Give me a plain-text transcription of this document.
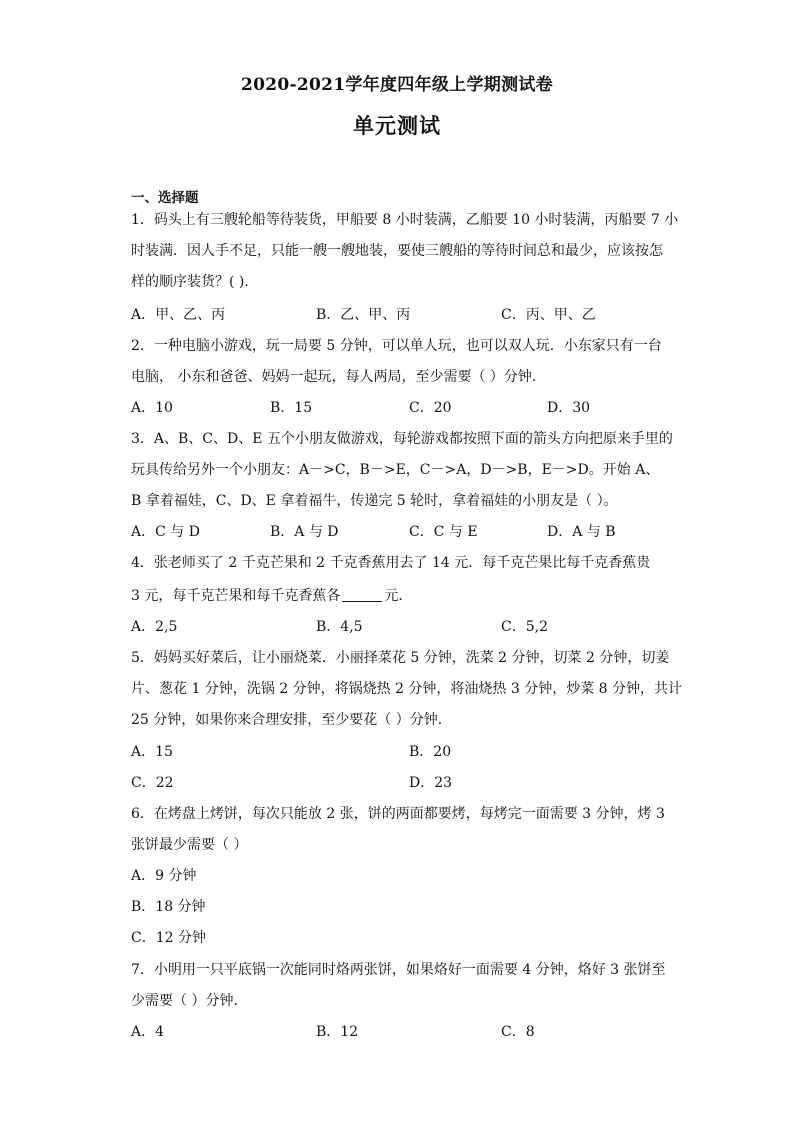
2020-2021学年度四年级上学期测试卷
单元测试
一、选择题
1．码头上有三艘轮船等待装货，甲船要 8 小时装满，乙船要 10 小时装满，丙船要 7 小
时装满．因人手不足，只能一艘一艘地装，要使三艘船的等待时间总和最少，应该按怎
样的顺序装货？( ).
A．甲、乙、丙	B．乙、甲、丙	C．丙、甲、乙
2．一种电脑小游戏，玩一局要 5 分钟，可以单人玩，也可以双人玩．小东家只有一台
电脑， 小东和爸爸、妈妈一起玩，每人两局，至少需要（ ）分钟．
A．10	B．15	C．20	D．30
3．A、B、C、D、E 五个小朋友做游戏，每轮游戏都按照下面的箭头方向把原来手里的
玩具传给另外一个小朋友：A－>C，B－>E，C－>A，D－>B，E－>D。开始 A、
B 拿着福娃，C、D、E 拿着福牛，传递完 5 轮时，拿着福娃的小朋友是（ ）。
A．C 与 D	B．A 与 D	C．C 与 E	D．A 与 B
4．张老师买了 2 千克芒果和 2 千克香蕉用去了 14 元．每千克芒果比每千克香蕉贵
3 元，每千克芒果和每千克香蕉各	元．
A．2,5	B．4,5	C．5,2
5．妈妈买好菜后，让小丽烧菜．小丽择菜花 5 分钟，洗菜 2 分钟，切菜 2 分钟，切姜
片、葱花 1 分钟，洗锅 2 分钟，将锅烧热 2 分钟，将油烧热 3 分钟，炒菜 8 分钟，共计
25 分钟，如果你来合理安排，至少要花（ ）分钟．
A．15	B．20
C．22	D．23
6．在烤盘上烤饼，每次只能放 2 张，饼的两面都要烤，每烤完一面需要 3 分钟，烤 3
张饼最少需要（ ）
A．9 分钟
B．18 分钟
C．12 分钟
7．小明用一只平底锅一次能同时烙两张饼，如果烙好一面需要 4 分钟，烙好 3 张饼至
少需要（ ）分钟．
A．4	B．12	C．8
